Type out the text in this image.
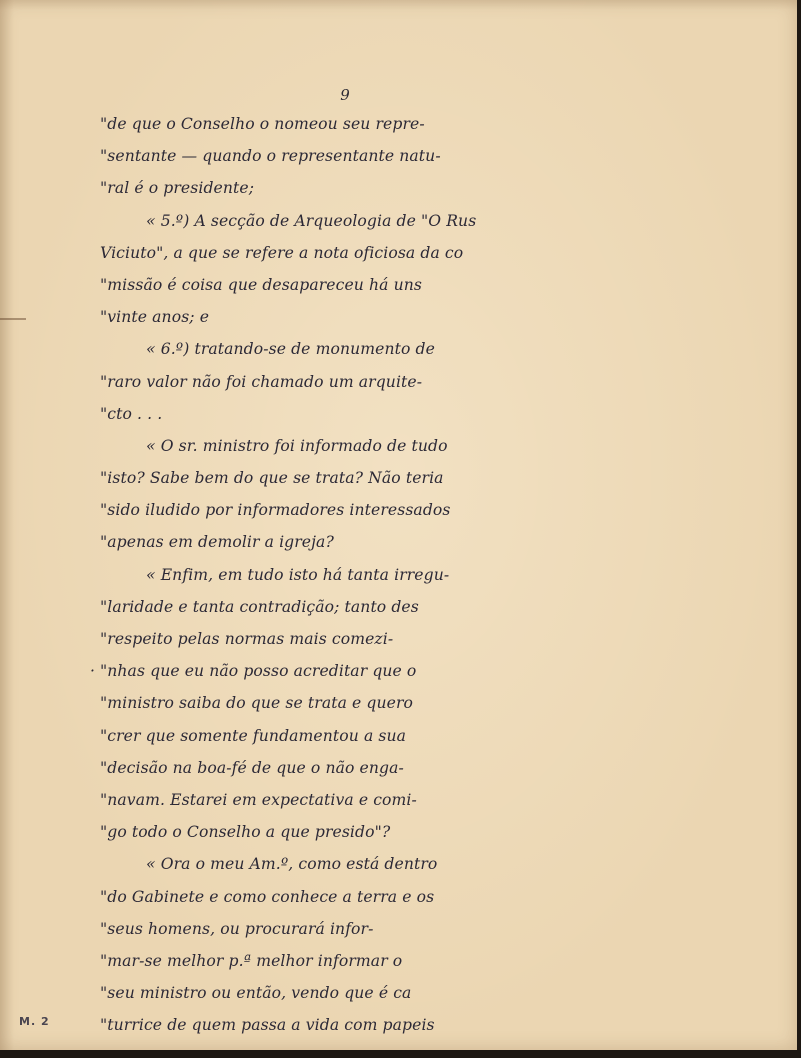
9
"de que o Conselho o nomeou seu repre-
"sentante — quando o representante natu-
"ral é o presidente;
« 5.º) A secção de Arqueologia de "O Rus
Viciuto", a que se refere a nota oficiosa da co
"missão é coisa que desapareceu há uns
"vinte anos; e
« 6.º) tratando-se de monumento de
"raro valor não foi chamado um arquite-
"cto . . .
« O sr. ministro foi informado de tudo
"isto? Sabe bem do que se trata? Não teria
"sido iludido por informadores interessados
"apenas em demolir a igreja?
« Enfim, em tudo isto há tanta irregu-
"laridade e tanta contradição; tanto des
"respeito pelas normas mais comezi-
· "nhas que eu não posso acreditar que o
"ministro saiba do que se trata e quero
"crer que somente fundamentou a sua
"decisão na boa-fé de que o não enga-
"navam. Estarei em expectativa e comi-
"go todo o Conselho a que presido"?
« Ora o meu Am.º, como está dentro
"do Gabinete e como conhece a terra e os
"seus homens, ou procurará infor-
"mar-se melhor p.ª melhor informar o
"seu ministro ou então, vendo que é ca
"turrice de quem passa a vida com papeis
M. 2
